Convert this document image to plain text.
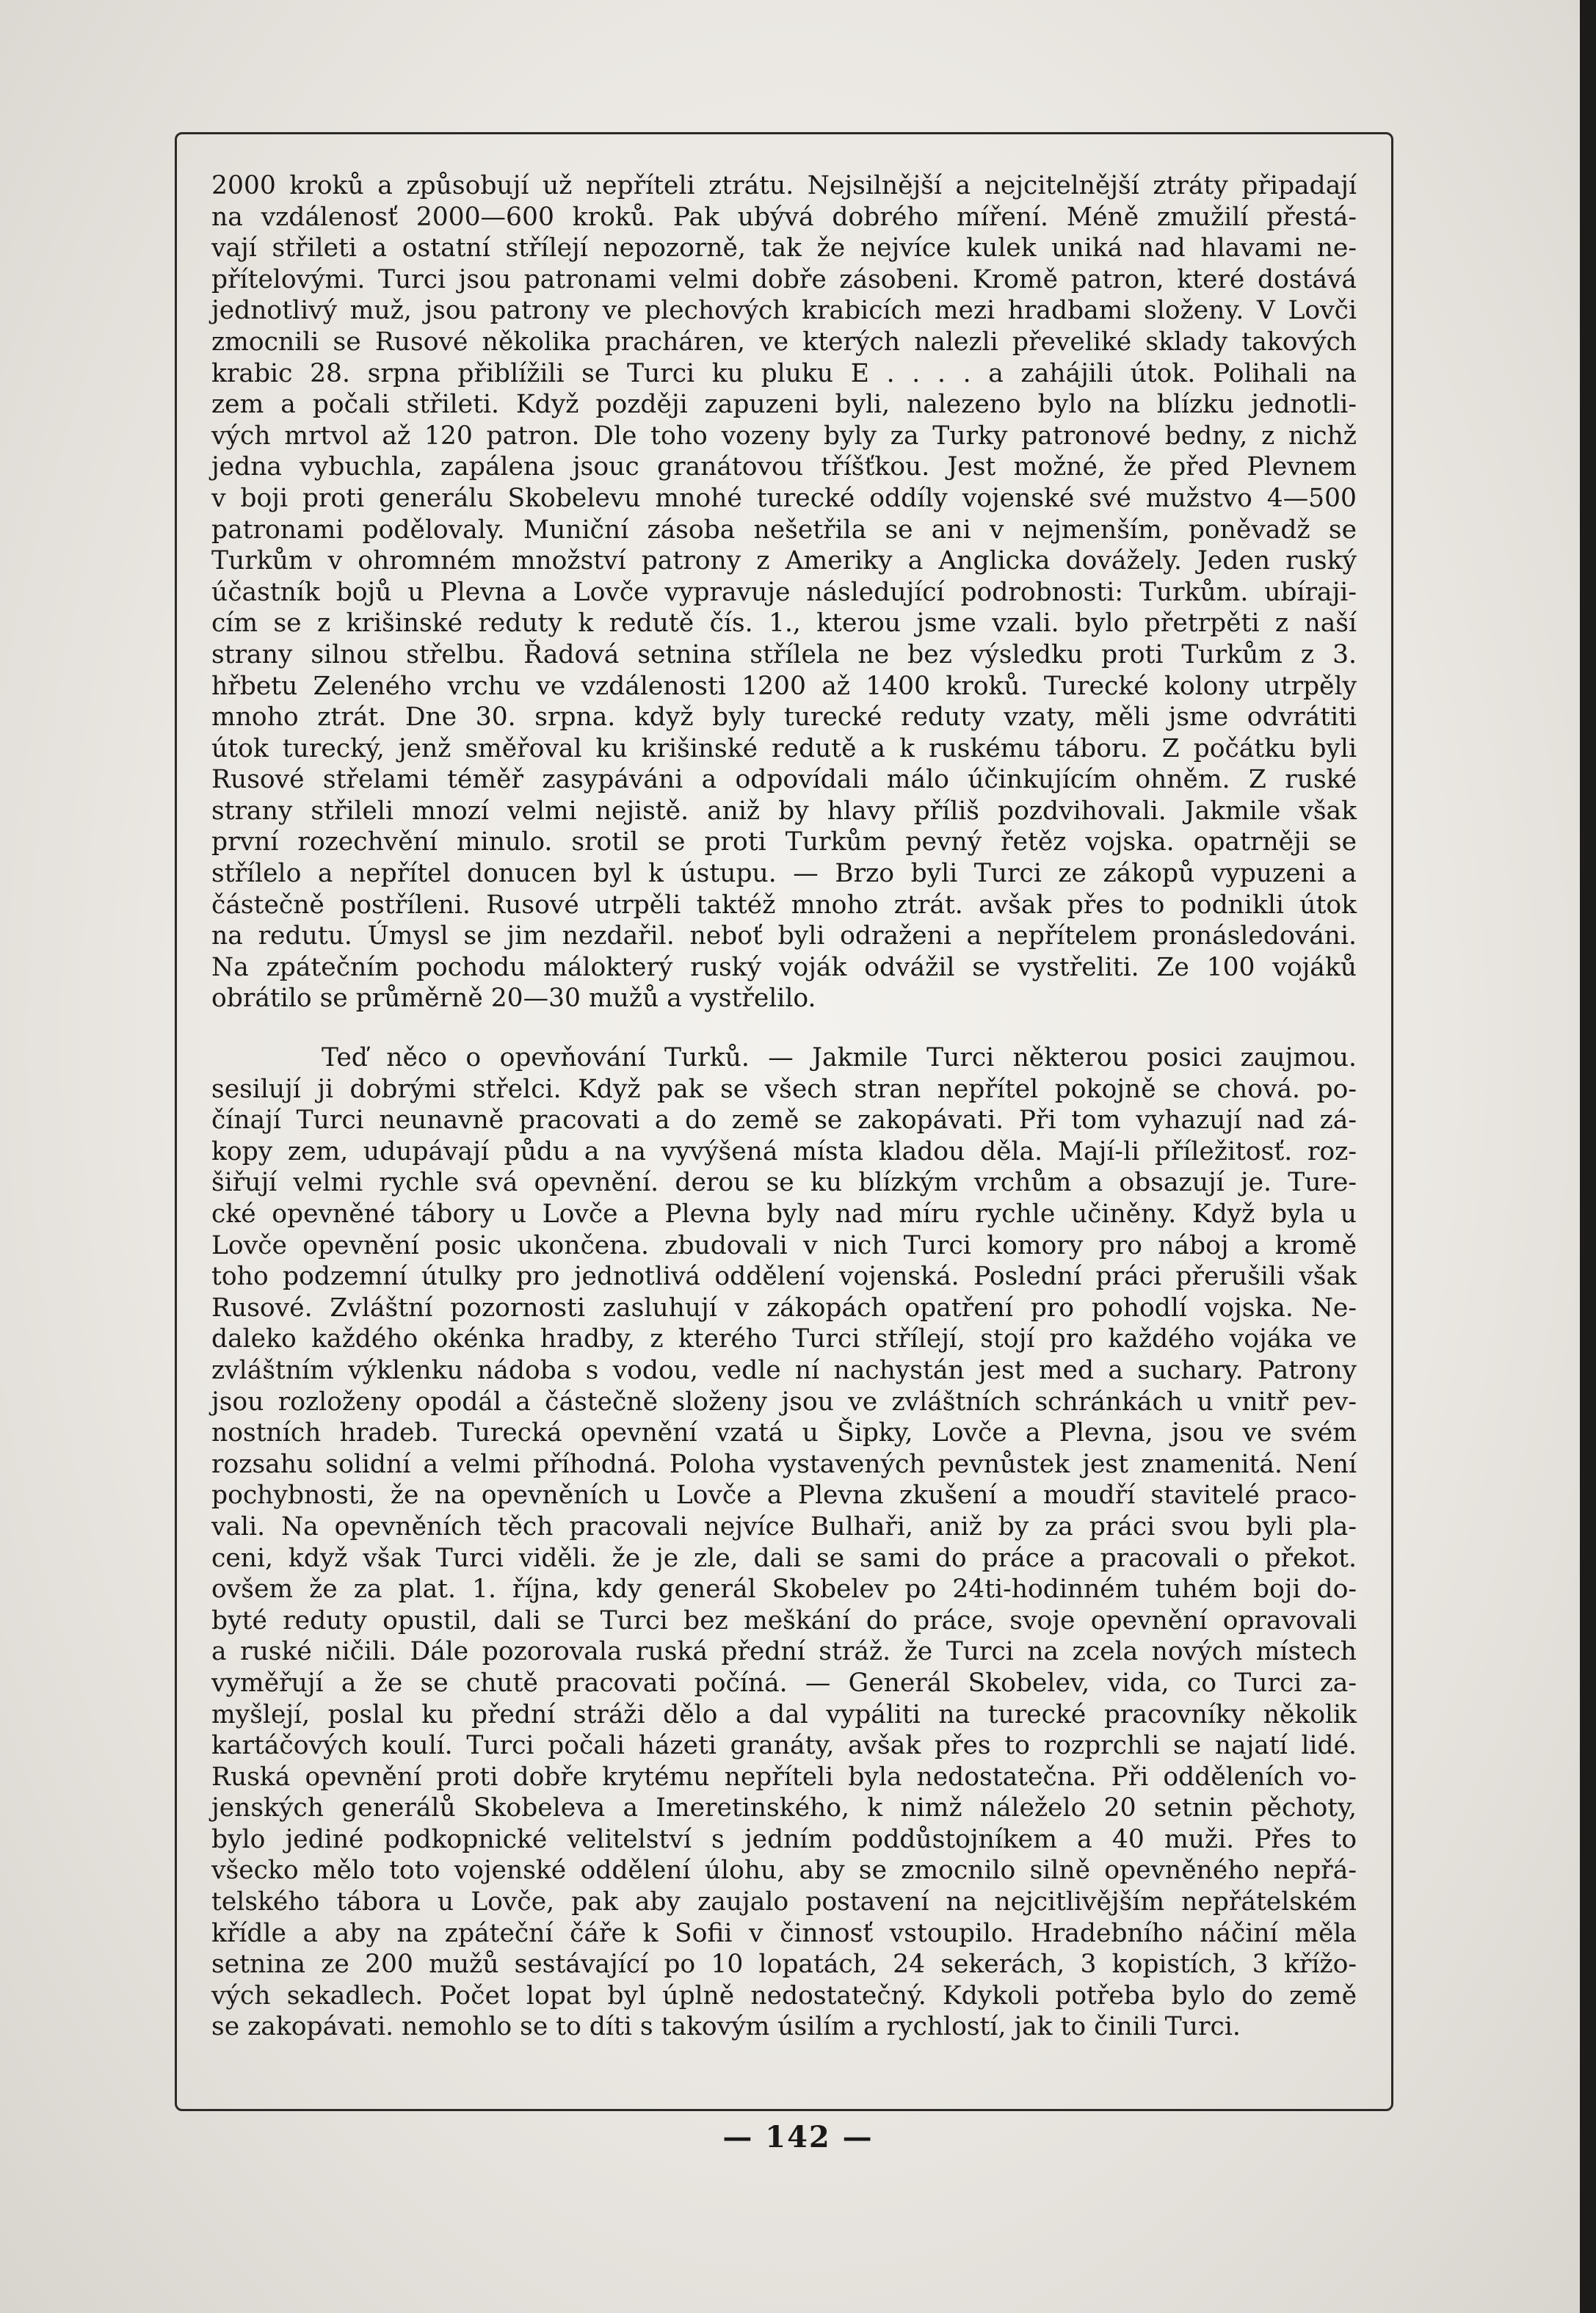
2000 kroků a způsobují už nepříteli ztrátu. Nejsilnější a nejcitelnější ztráty připadají
na vzdálenosť 2000—600 kroků. Pak ubývá dobrého míření. Méně zmužilí přestá-
vají střileti a ostatní střílejí nepozorně, tak že nejvíce kulek uniká nad hlavami ne-
přítelovými. Turci jsou patronami velmi dobře zásobeni. Kromě patron, které dostává
jednotlivý muž, jsou patrony ve plechových krabicích mezi hradbami složeny. V Lovči
zmocnili se Rusové několika pracháren, ve kterých nalezli převeliké sklady takových
krabic 28. srpna přiblížili se Turci ku pluku E . . . . a zahájili útok. Polihali na
zem a počali střileti. Když později zapuzeni byli, nalezeno bylo na blízku jednotli-
vých mrtvol až 120 patron. Dle toho vozeny byly za Turky patronové bedny, z nichž
jedna vybuchla, zapálena jsouc granátovou tříšťkou. Jest možné, že před Plevnem
v boji proti generálu Skobelevu mnohé turecké oddíly vojenské své mužstvo 4—500
patronami podělovaly. Muniční zásoba nešetřila se ani v nejmenším, poněvadž se
Turkům v ohromném množství patrony z Ameriky a Anglicka dovážely. Jeden ruský
účastník bojů u Plevna a Lovče vypravuje následující podrobnosti: Turkům. ubíraji-
cím se z krišinské reduty k redutě čís. 1., kterou jsme vzali. bylo přetrpěti z naší
strany silnou střelbu. Řadová setnina střílela ne bez výsledku proti Turkům z 3.
hřbetu Zeleného vrchu ve vzdálenosti 1200 až 1400 kroků. Turecké kolony utrpěly
mnoho ztrát. Dne 30. srpna. když byly turecké reduty vzaty, měli jsme odvrátiti
útok turecký, jenž směřoval ku krišinské redutě a k ruskému táboru. Z počátku byli
Rusové střelami téměř zasypáváni a odpovídali málo účinkujícím ohněm. Z ruské
strany střileli mnozí velmi nejistě. aniž by hlavy příliš pozdvihovali. Jakmile však
první rozechvění minulo. srotil se proti Turkům pevný řetěz vojska. opatrněji se
střílelo a nepřítel donucen byl k ústupu. — Brzo byli Turci ze zákopů vypuzeni a
částečně postříleni. Rusové utrpěli taktéž mnoho ztrát. avšak přes to podnikli útok
na redutu. Úmysl se jim nezdařil. neboť byli odraženi a nepřítelem pronásledováni.
Na zpátečním pochodu málokterý ruský voják odvážil se vystřeliti. Ze 100 vojáků
obrátilo se průměrně 20—30 mužů a vystřelilo.
Teď něco o opevňování Turků. — Jakmile Turci některou posici zaujmou.
sesilují ji dobrými střelci. Když pak se všech stran nepřítel pokojně se chová. po-
čínají Turci neunavně pracovati a do země se zakopávati. Při tom vyhazují nad zá-
kopy zem, udupávají půdu a na vyvýšená místa kladou děla. Mají-li příležitosť. roz-
šiřují velmi rychle svá opevnění. derou se ku blízkým vrchům a obsazují je. Ture-
cké opevněné tábory u Lovče a Plevna byly nad míru rychle učiněny. Když byla u
Lovče opevnění posic ukončena. zbudovali v nich Turci komory pro náboj a kromě
toho podzemní útulky pro jednotlivá oddělení vojenská. Poslední práci přerušili však
Rusové. Zvláštní pozornosti zasluhují v zákopách opatření pro pohodlí vojska. Ne-
daleko každého okénka hradby, z kterého Turci střílejí, stojí pro každého vojáka ve
zvláštním výklenku nádoba s vodou, vedle ní nachystán jest med a suchary. Patrony
jsou rozloženy opodál a částečně složeny jsou ve zvláštních schránkách u vnitř pev-
nostních hradeb. Turecká opevnění vzatá u Šipky, Lovče a Plevna, jsou ve svém
rozsahu solidní a velmi příhodná. Poloha vystavených pevnůstek jest znamenitá. Není
pochybnosti, že na opevněních u Lovče a Plevna zkušení a moudří stavitelé praco-
vali. Na opevněních těch pracovali nejvíce Bulhaři, aniž by za práci svou byli pla-
ceni, když však Turci viděli. že je zle, dali se sami do práce a pracovali o překot.
ovšem že za plat. 1. října, kdy generál Skobelev po 24ti-hodinném tuhém boji do-
byté reduty opustil, dali se Turci bez meškání do práce, svoje opevnění opravovali
a ruské ničili. Dále pozorovala ruská přední stráž. že Turci na zcela nových místech
vyměřují a že se chutě pracovati počíná. — Generál Skobelev, vida, co Turci za-
myšlejí, poslal ku přední stráži dělo a dal vypáliti na turecké pracovníky několik
kartáčových koulí. Turci počali házeti granáty, avšak přes to rozprchli se najatí lidé.
Ruská opevnění proti dobře krytému nepříteli byla nedostatečna. Při odděleních vo-
jenských generálů Skobeleva a Imeretinského, k nimž náleželo 20 setnin pěchoty,
bylo jediné podkopnické velitelství s jedním poddůstojníkem a 40 muži. Přes to
všecko mělo toto vojenské oddělení úlohu, aby se zmocnilo silně opevněného nepřá-
telského tábora u Lovče, pak aby zaujalo postavení na nejcitlivějším nepřátelském
křídle a aby na zpáteční čáře k Sofii v činnosť vstoupilo. Hradebního náčiní měla
setnina ze 200 mužů sestávající po 10 lopatách, 24 sekerách, 3 kopistích, 3 křížo-
vých sekadlech. Počet lopat byl úplně nedostatečný. Kdykoli potřeba bylo do země
se zakopávati. nemohlo se to díti s takovým úsilím a rychlostí, jak to činili Turci.
— 142 —
